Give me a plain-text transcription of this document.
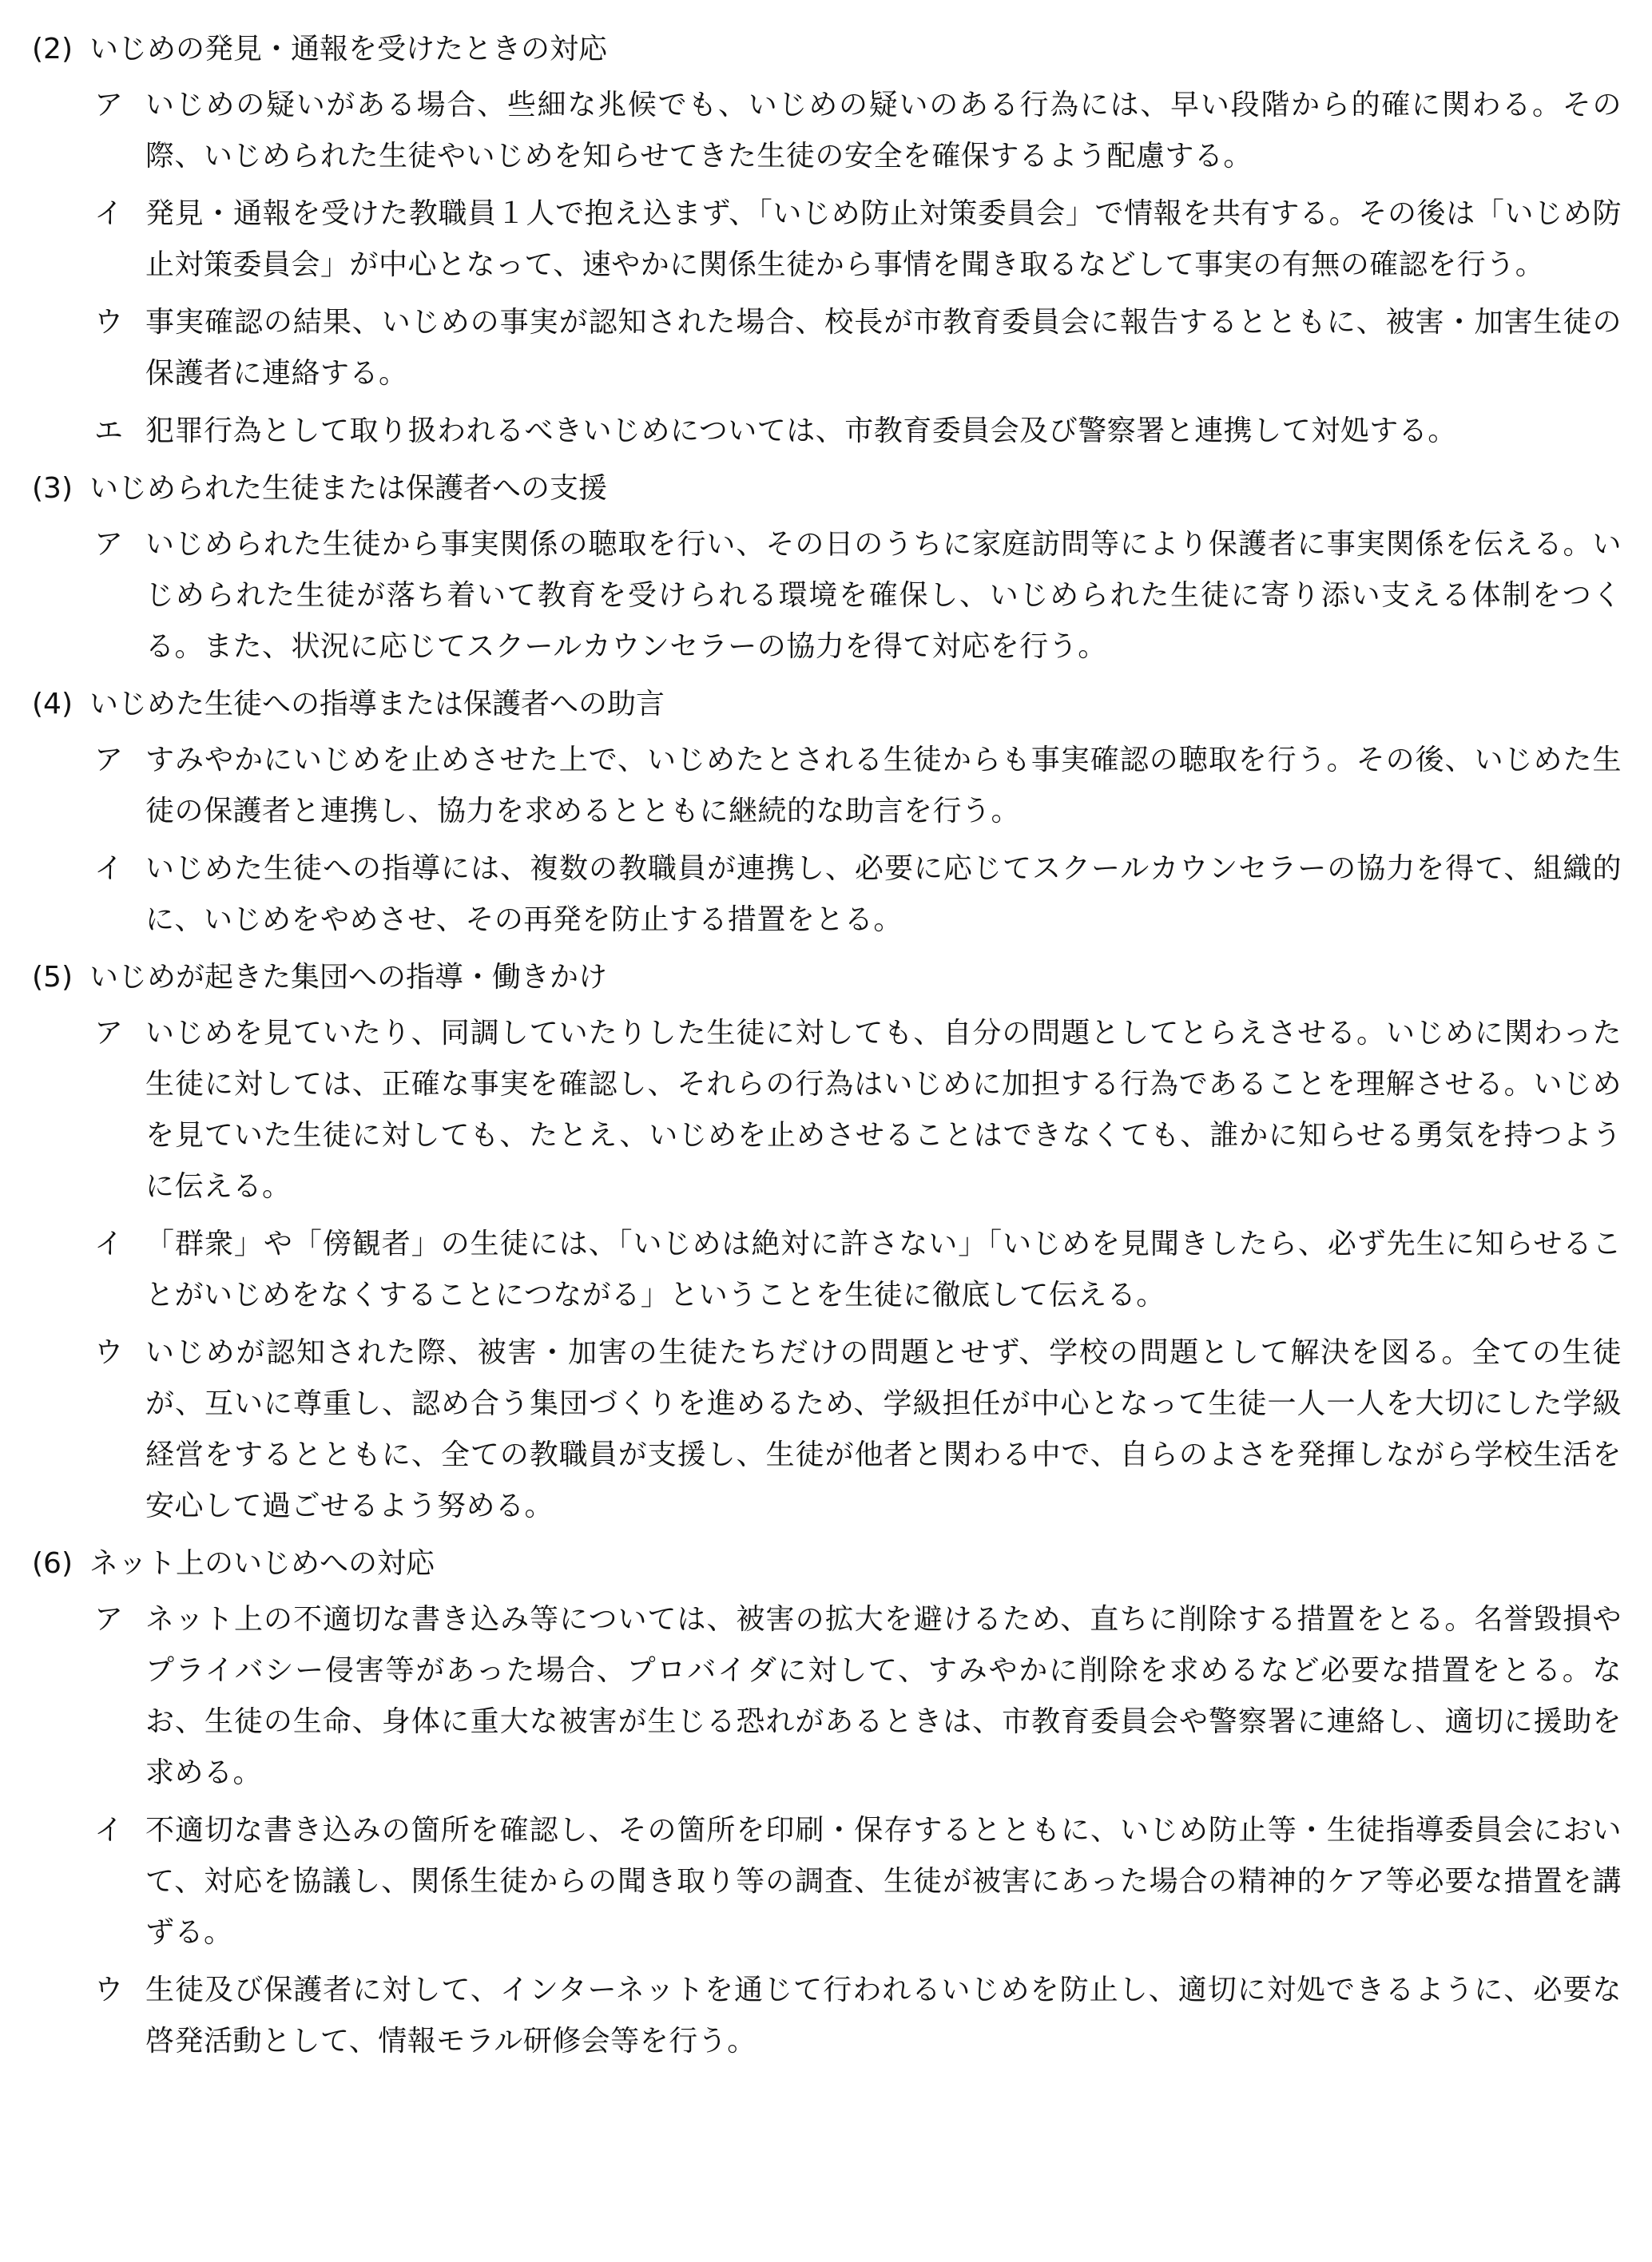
(2) いじめの発見・通報を受けたときの対応
ア いじめの疑いがある場合、些細な兆候でも、いじめの疑いのある行為には、早い段階から的確に関わる。その際、いじめられた生徒やいじめを知らせてきた生徒の安全を確保するよう配慮する。
イ 発見・通報を受けた教職員１人で抱え込まず、「いじめ防止対策委員会」で情報を共有する。その後は「いじめ防止対策委員会」が中心となって、速やかに関係生徒から事情を聞き取るなどして事実の有無の確認を行う。
ウ 事実確認の結果、いじめの事実が認知された場合、校長が市教育委員会に報告するとともに、被害・加害生徒の保護者に連絡する。
エ 犯罪行為として取り扱われるべきいじめについては、市教育委員会及び警察署と連携して対処する。
(3) いじめられた生徒または保護者への支援
ア いじめられた生徒から事実関係の聴取を行い、その日のうちに家庭訪問等により保護者に事実関係を伝える。いじめられた生徒が落ち着いて教育を受けられる環境を確保し、いじめられた生徒に寄り添い支える体制をつくる。また、状況に応じてスクールカウンセラーの協力を得て対応を行う。
(4) いじめた生徒への指導または保護者への助言
ア すみやかにいじめを止めさせた上で、いじめたとされる生徒からも事実確認の聴取を行う。その後、いじめた生徒の保護者と連携し、協力を求めるとともに継続的な助言を行う。
イ いじめた生徒への指導には、複数の教職員が連携し、必要に応じてスクールカウンセラーの協力を得て、組織的に、いじめをやめさせ、その再発を防止する措置をとる。
(5) いじめが起きた集団への指導・働きかけ
ア いじめを見ていたり、同調していたりした生徒に対しても、自分の問題としてとらえさせる。いじめに関わった生徒に対しては、正確な事実を確認し、それらの行為はいじめに加担する行為であることを理解させる。いじめを見ていた生徒に対しても、たとえ、いじめを止めさせることはできなくても、誰かに知らせる勇気を持つように伝える。
イ 「群衆」や「傍観者」の生徒には、「いじめは絶対に許さない」「いじめを見聞きしたら、必ず先生に知らせることがいじめをなくすることにつながる」ということを生徒に徹底して伝える。
ウ いじめが認知された際、被害・加害の生徒たちだけの問題とせず、学校の問題として解決を図る。全ての生徒が、互いに尊重し、認め合う集団づくりを進めるため、学級担任が中心となって生徒一人一人を大切にした学級経営をするとともに、全ての教職員が支援し、生徒が他者と関わる中で、自らのよさを発揮しながら学校生活を安心して過ごせるよう努める。
(6) ネット上のいじめへの対応
ア ネット上の不適切な書き込み等については、被害の拡大を避けるため、直ちに削除する措置をとる。名誉毀損やプライバシー侵害等があった場合、プロバイダに対して、すみやかに削除を求めるなど必要な措置をとる。なお、生徒の生命、身体に重大な被害が生じる恐れがあるときは、市教育委員会や警察署に連絡し、適切に援助を求める。
イ 不適切な書き込みの箇所を確認し、その箇所を印刷・保存するとともに、いじめ防止等・生徒指導委員会において、対応を協議し、関係生徒からの聞き取り等の調査、生徒が被害にあった場合の精神的ケア等必要な措置を講ずる。
ウ 生徒及び保護者に対して、インターネットを通じて行われるいじめを防止し、適切に対処できるように、必要な啓発活動として、情報モラル研修会等を行う。
